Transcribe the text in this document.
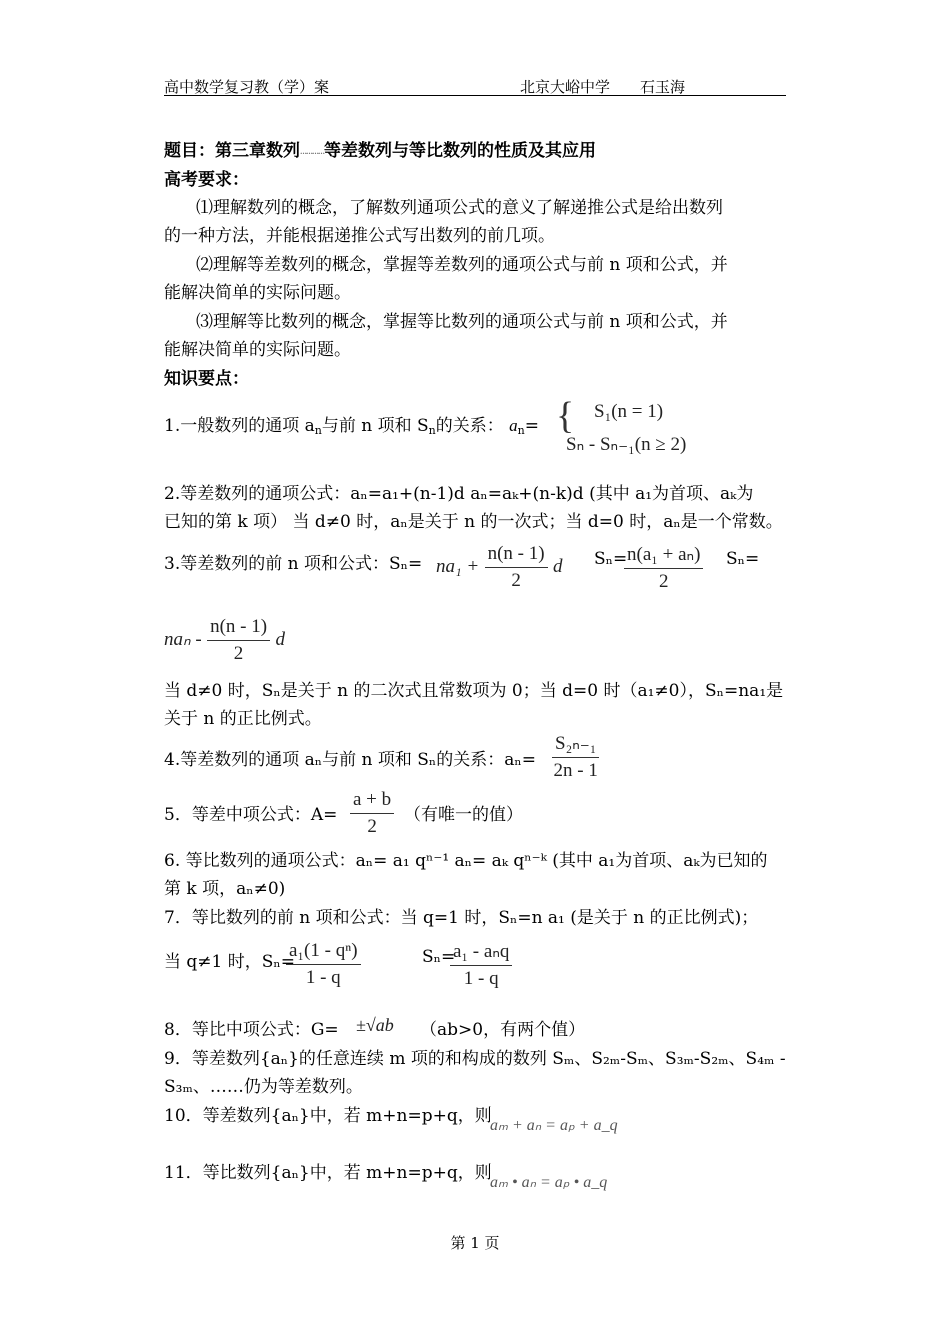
高中数学复习教（学）案	北京大峪中学 石玉海
题目：第三章数列…………等差数列与等比数列的性质及其应用
高考要求：
⑴理解数列的概念，了解数列通项公式的意义了解递推公式是给出数列
的一种方法，并能根据递推公式写出数列的前几项。
⑵理解等差数列的概念，掌握等差数列的通项公式与前 n 项和公式，并
能解决简单的实际问题。
⑶理解等比数列的概念，掌握等比数列的通项公式与前 n 项和公式，并
能解决简单的实际问题。
知识要点：
1.一般数列的通项 $a_n$与前 n 项和 $S_n$的关系： $a_n=$ { S₁(n = 1)
Sₙ - Sₙ₋₁(n ≥ 2)
2.等差数列的通项公式：aₙ=a₁+(n-1)d aₙ=aₖ+(n-k)d (其中 a₁为首项、aₖ为
已知的第 k 项） 当 d≠0 时，aₙ是关于 n 的一次式；当 d=0 时，aₙ是一个常数。
3.等差数列的前 n 项和公式：$S_n= na_1 + \frac{n(n - 1)}{2}$ d Sₙ=
$\frac{\text{n(a₁ + aₙ)}}{2} S_n=$
naₙ - $\frac{n(n - 1)}{2}$ d
当 d≠0 时，Sₙ是关于 n 的二次式且常数项为 0；当 d=0 时（a₁≠0），Sₙ=na₁是
关于 n 的正比例式。
4.等差数列的通项 aₙ与前 n 项和 Sₙ的关系：$a_n= \frac{\text{S₂ₙ₋₁}}{2n - 1}$
5．等差中项公式：$A= \frac{a + b}{2}$ （有唯一的值）
6. 等比数列的通项公式：aₙ= a₁ qⁿ⁻¹ aₙ= aₖ qⁿ⁻ᵏ (其中 a₁为首项、aₖ为已知的
第 k 项，aₙ≠0)
7．等比数列的前 n 项和公式：当 q=1 时，Sₙ=n a₁ (是关于 n 的正比例式)；
当 q≠1 时，Sₙ=
$\frac{\text{a₁(1 - qⁿ)}}{1 - q}$	Sₙ=
$\frac{\text{a₁ - aₙq}}{1 - q}$
8．等比中项公式：G= ±√ab （ab>0，有两个值）
9．等差数列{aₙ}的任意连续 m 项的和构成的数列 Sₘ、S₂ₘ-Sₘ、S₃ₘ-S₂ₘ、S₄ₘ -
S₃ₘ、……仍为等差数列。
10．等差数列{aₙ}中，若 m+n=p+q，则
aₘ + aₙ = aₚ + a_q
11．等比数列{aₙ}中，若 m+n=p+q，则
aₘ • aₙ = aₚ • a_q
第 1 页
